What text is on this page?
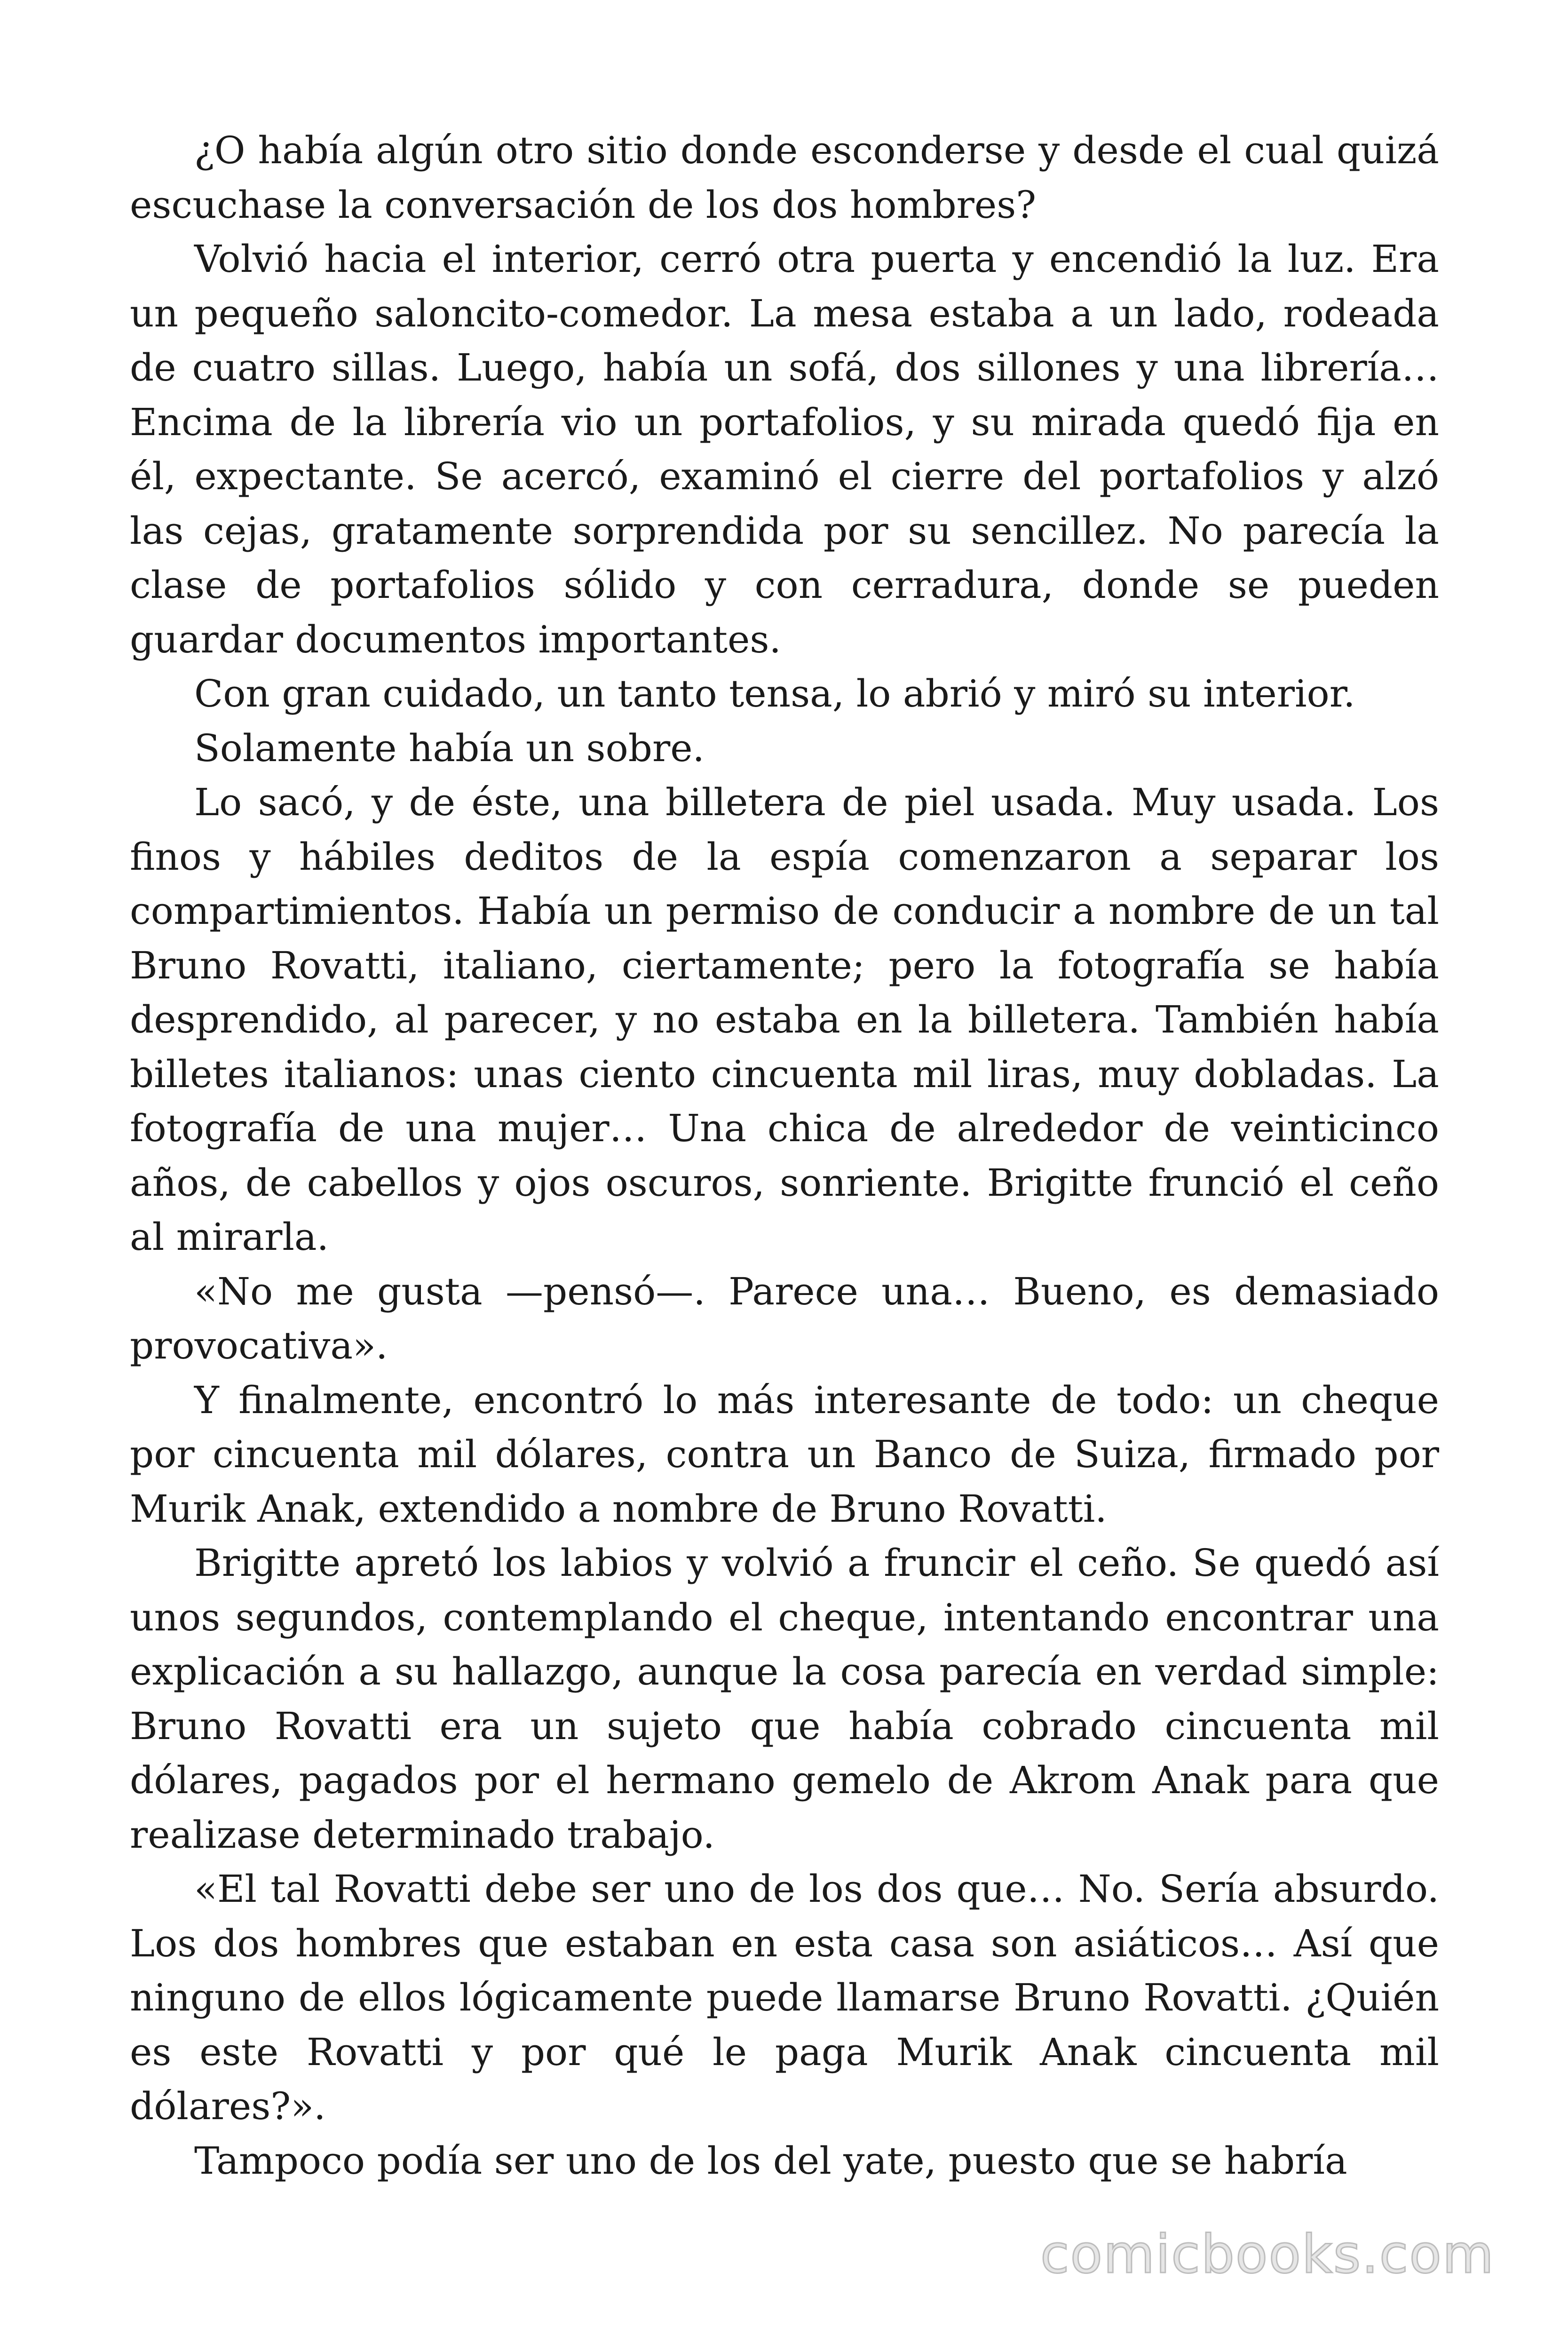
¿O había algún otro sitio donde esconderse y desde el cual quizá escuchase la conversación de los dos hombres?

Volvió hacia el interior, cerró otra puerta y encendió la luz. Era un pequeño saloncito-comedor. La mesa estaba a un lado, rodeada de cuatro sillas. Luego, había un sofá, dos sillones y una librería… Encima de la librería vio un portafolios, y su mirada quedó fija en él, expectante. Se acercó, examinó el cierre del portafolios y alzó las cejas, gratamente sorprendida por su sencillez. No parecía la clase de portafolios sólido y con cerradura, donde se pueden guardar documentos importantes.

Con gran cuidado, un tanto tensa, lo abrió y miró su interior.

Solamente había un sobre.

Lo sacó, y de éste, una billetera de piel usada. Muy usada. Los finos y hábiles deditos de la espía comenzaron a separar los compartimientos. Había un permiso de conducir a nombre de un tal Bruno Rovatti, italiano, ciertamente; pero la fotografía se había desprendido, al parecer, y no estaba en la billetera. También había billetes italianos: unas ciento cincuenta mil liras, muy dobladas. La fotografía de una mujer… Una chica de alrededor de veinticinco años, de cabellos y ojos oscuros, sonriente. Brigitte frunció el ceño al mirarla.

«No me gusta —pensó—. Parece una… Bueno, es demasiado provocativa».

Y finalmente, encontró lo más interesante de todo: un cheque por cincuenta mil dólares, contra un Banco de Suiza, firmado por Murik Anak, extendido a nombre de Bruno Rovatti.

Brigitte apretó los labios y volvió a fruncir el ceño. Se quedó así unos segundos, contemplando el cheque, intentando encontrar una explicación a su hallazgo, aunque la cosa parecía en verdad simple: Bruno Rovatti era un sujeto que había cobrado cincuenta mil dólares, pagados por el hermano gemelo de Akrom Anak para que realizase determinado trabajo.

«El tal Rovatti debe ser uno de los dos que… No. Sería absurdo. Los dos hombres que estaban en esta casa son asiáticos… Así que ninguno de ellos lógicamente puede llamarse Bruno Rovatti. ¿Quién es este Rovatti y por qué le paga Murik Anak cincuenta mil dólares?».

Tampoco podía ser uno de los del yate, puesto que se habría

comicbooks.com
